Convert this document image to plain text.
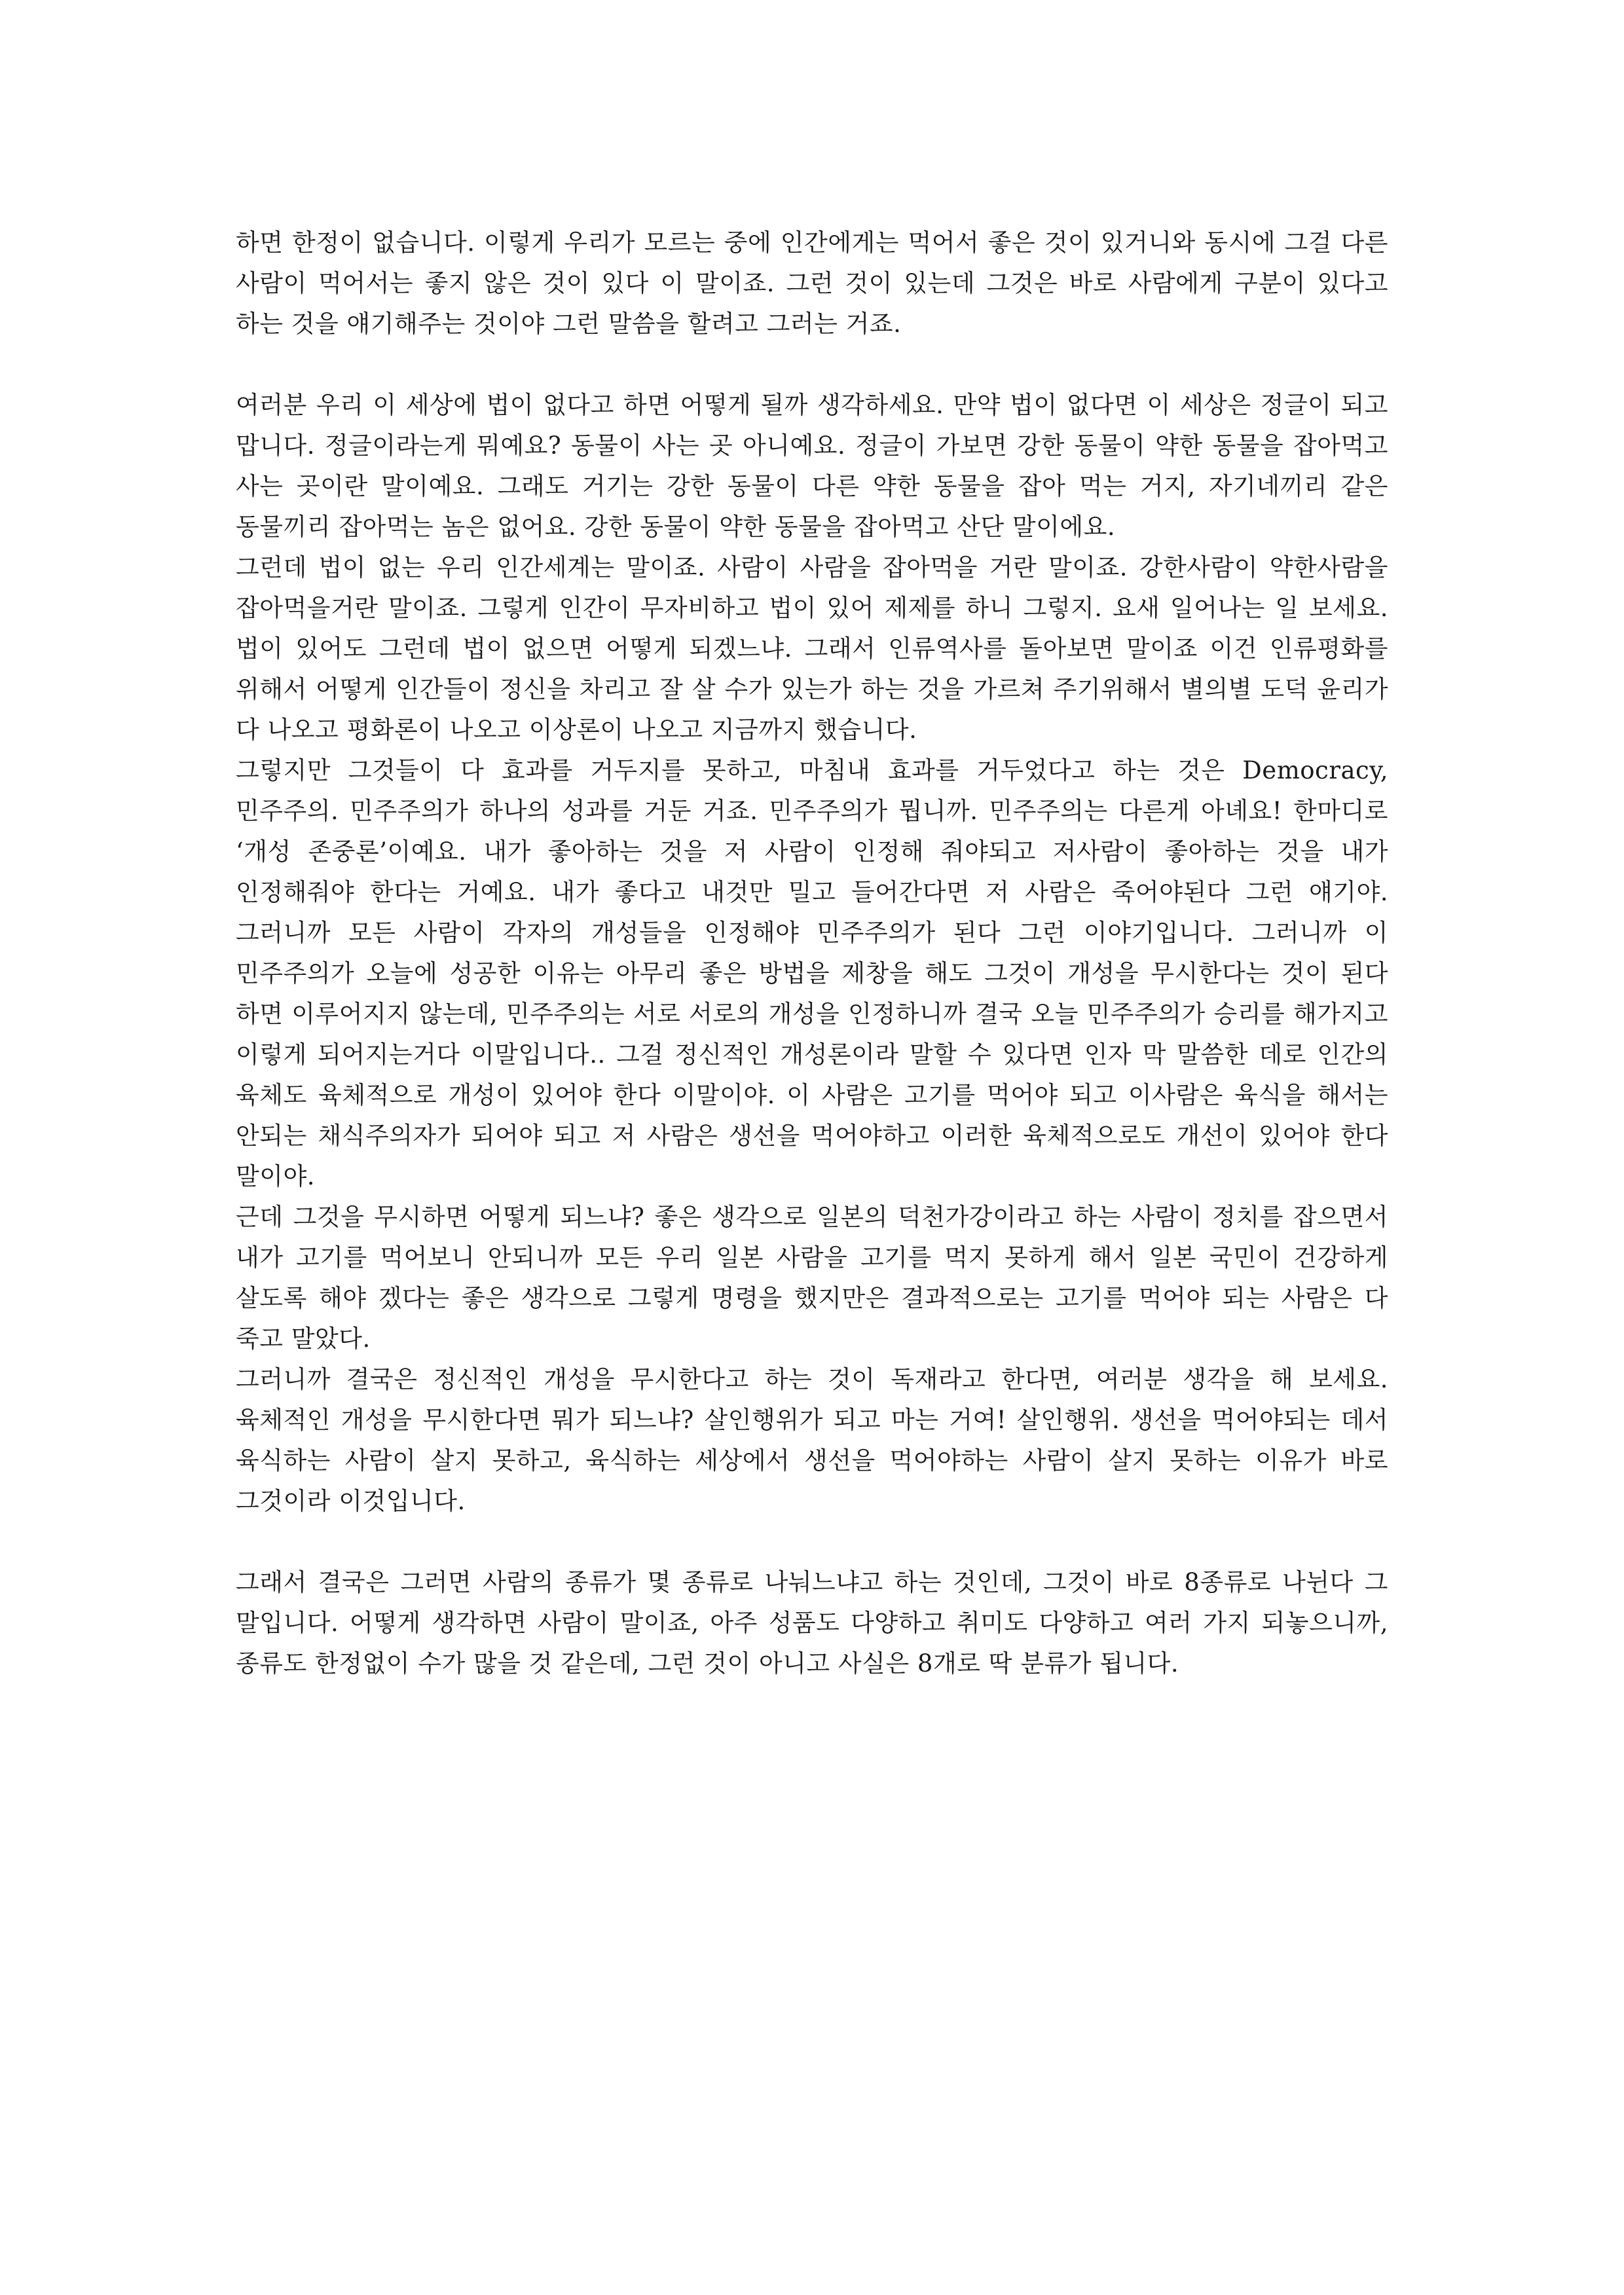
하면 한정이 없습니다. 이렇게 우리가 모르는 중에 인간에게는 먹어서 좋은 것이 있거니와 동시에 그걸 다른 사람이 먹어서는 좋지 않은 것이 있다 이 말이죠. 그런 것이 있는데 그것은 바로 사람에게 구분이 있다고 하는 것을 얘기해주는 것이야 그런 말씀을 할려고 그러는 거죠.

여러분 우리 이 세상에 법이 없다고 하면 어떻게 될까 생각하세요. 만약 법이 없다면 이 세상은 정글이 되고 맙니다. 정글이라는게 뭐예요? 동물이 사는 곳 아니예요. 정글이 가보면 강한 동물이 약한 동물을 잡아먹고 사는 곳이란 말이예요. 그래도 거기는 강한 동물이 다른 약한 동물을 잡아 먹는 거지, 자기네끼리 같은 동물끼리 잡아먹는 놈은 없어요. 강한 동물이 약한 동물을 잡아먹고 산단 말이에요.

그런데 법이 없는 우리 인간세계는 말이죠. 사람이 사람을 잡아먹을 거란 말이죠. 강한사람이 약한사람을 잡아먹을거란 말이죠. 그렇게 인간이 무자비하고 법이 있어 제제를 하니 그렇지. 요새 일어나는 일 보세요. 법이 있어도 그런데 법이 없으면 어떻게 되겠느냐. 그래서 인류역사를 돌아보면 말이죠 이건 인류평화를 위해서 어떻게 인간들이 정신을 차리고 잘 살 수가 있는가 하는 것을 가르쳐 주기위해서 별의별 도덕 윤리가 다 나오고 평화론이 나오고 이상론이 나오고 지금까지 했습니다.

그렇지만 그것들이 다 효과를 거두지를 못하고, 마침내 효과를 거두었다고 하는 것은 Democracy, 민주주의. 민주주의가 하나의 성과를 거둔 거죠. 민주주의가 뭡니까. 민주주의는 다른게 아녜요! 한마디로 ‘개성 존중론’이예요. 내가 좋아하는 것을 저 사람이 인정해 줘야되고 저사람이 좋아하는 것을 내가 인정해줘야 한다는 거예요. 내가 좋다고 내것만 밀고 들어간다면 저 사람은 죽어야된다 그런 얘기야. 그러니까 모든 사람이 각자의 개성들을 인정해야 민주주의가 된다 그런 이야기입니다. 그러니까 이 민주주의가 오늘에 성공한 이유는 아무리 좋은 방법을 제창을 해도 그것이 개성을 무시한다는 것이 된다 하면 이루어지지 않는데, 민주주의는 서로 서로의 개성을 인정하니까 결국 오늘 민주주의가 승리를 해가지고 이렇게 되어지는거다 이말입니다.. 그걸 정신적인 개성론이라 말할 수 있다면 인자 막 말씀한 데로 인간의 육체도 육체적으로 개성이 있어야 한다 이말이야. 이 사람은 고기를 먹어야 되고 이사람은 육식을 해서는 안되는 채식주의자가 되어야 되고 저 사람은 생선을 먹어야하고 이러한 육체적으로도 개선이 있어야 한다 말이야.

근데 그것을 무시하면 어떻게 되느냐? 좋은 생각으로 일본의 덕천가강이라고 하는 사람이 정치를 잡으면서 내가 고기를 먹어보니 안되니까 모든 우리 일본 사람을 고기를 먹지 못하게 해서 일본 국민이 건강하게 살도록 해야 겠다는 좋은 생각으로 그렇게 명령을 했지만은 결과적으로는 고기를 먹어야 되는 사람은 다 죽고 말았다.

그러니까 결국은 정신적인 개성을 무시한다고 하는 것이 독재라고 한다면, 여러분 생각을 해 보세요. 육체적인 개성을 무시한다면 뭐가 되느냐? 살인행위가 되고 마는 거여! 살인행위. 생선을 먹어야되는 데서 육식하는 사람이 살지 못하고, 육식하는 세상에서 생선을 먹어야하는 사람이 살지 못하는 이유가 바로 그것이라 이것입니다.

그래서 결국은 그러면 사람의 종류가 몇 종류로 나눠느냐고 하는 것인데, 그것이 바로 8종류로 나뉜다 그 말입니다. 어떻게 생각하면 사람이 말이죠, 아주 성품도 다양하고 취미도 다양하고 여러 가지 되놓으니까, 종류도 한정없이 수가 많을 것 같은데, 그런 것이 아니고 사실은 8개로 딱 분류가 됩니다.
